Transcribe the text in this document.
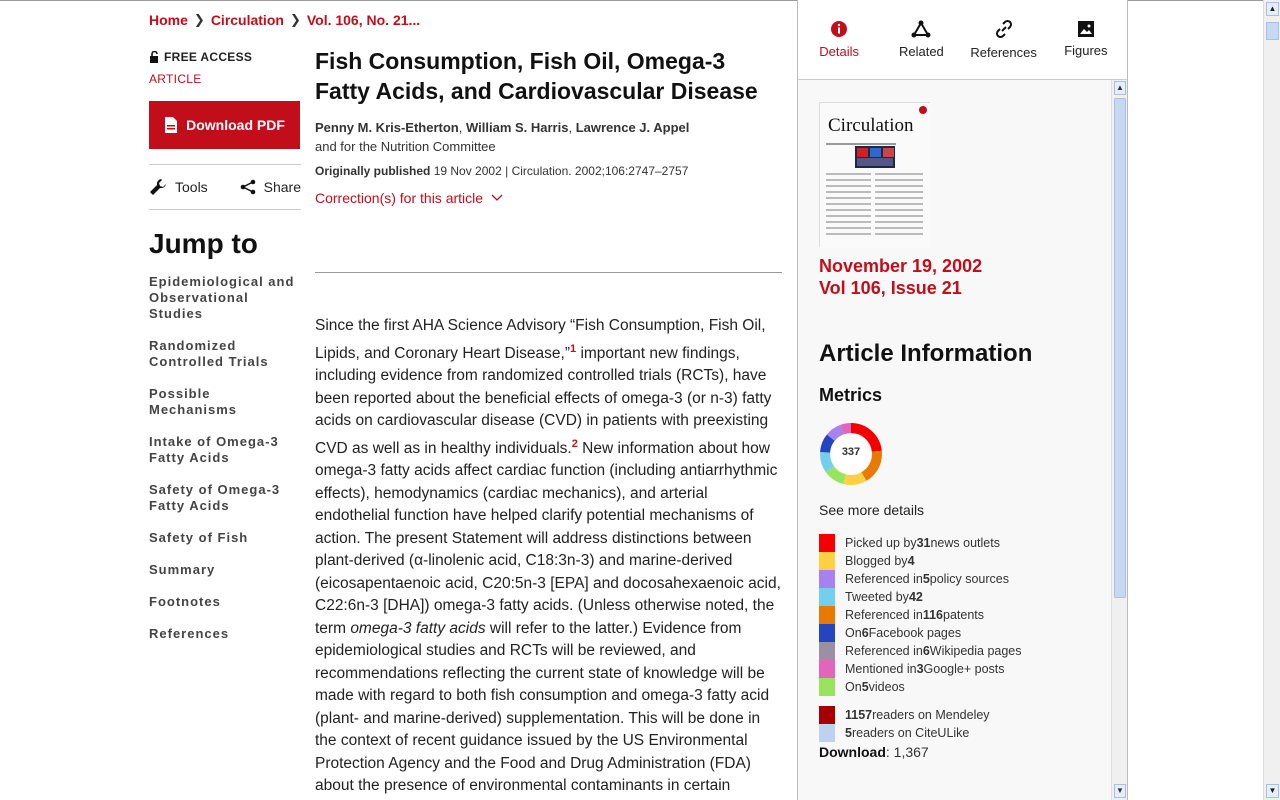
Home ❯ Circulation ❯ Vol. 106, No. 21...
FREE ACCESS
ARTICLE
Download PDF
Tools	Share
Jump to
Epidemiological and Observational Studies
Randomized Controlled Trials
Possible Mechanisms
Intake of Omega-3 Fatty Acids
Safety of Omega-3 Fatty Acids
Safety of Fish
Summary
Footnotes
References
Fish Consumption, Fish Oil, Omega-3 Fatty Acids, and Cardiovascular Disease
Penny M. Kris-Etherton, William S. Harris, Lawrence J. Appel
and for the Nutrition Committee
Originally published 19 Nov 2002 | Circulation. 2002;106:2747–2757
Correction(s) for this article

Since the first AHA Science Advisory “Fish Consumption, Fish Oil, Lipids, and Coronary Heart Disease,”$^1$ important new findings, including evidence from randomized controlled trials (RCTs), have been reported about the beneficial effects of omega-3 (or n-3) fatty acids on cardiovascular disease (CVD) in patients with preexisting CVD as well as in healthy individuals.$^2$ New information about how omega-3 fatty acids affect cardiac function (including antiarrhythmic effects), hemodynamics (cardiac mechanics), and arterial endothelial function have helped clarify potential mechanisms of action. The present Statement will address distinctions between plant-derived (α-linolenic acid, C18:3n-3) and marine-derived (eicosapentaenoic acid, C20:5n-3 [EPA] and docosahexaenoic acid, C22:6n-3 [DHA]) omega-3 fatty acids. (Unless otherwise noted, the term omega-3 fatty acids will refer to the latter.) Evidence from epidemiological studies and RCTs will be reviewed, and recommendations reflecting the current state of knowledge will be made with regard to both fish consumption and omega-3 fatty acid (plant- and marine-derived) supplementation. This will be done in the context of recent guidance issued by the US Environmental Protection Agency and the Food and Drug Administration (FDA) about the presence of environmental contaminants in certain

Details	Related References Figures
Circulation
November 19, 2002
Vol 106, Issue 21
Article Information
Metrics
337
See more details
Picked up by 31 news outlets
Blogged by 4
Referenced in 5 policy sources
Tweeted by 42
Referenced in 116 patents
On 6 Facebook pages
Referenced in 6 Wikipedia pages
Mentioned in 3 Google+ posts
On 5 videos
1157 readers on Mendeley
5 readers on CiteULike
Download: 1,367
▲
▼
▲
▼
